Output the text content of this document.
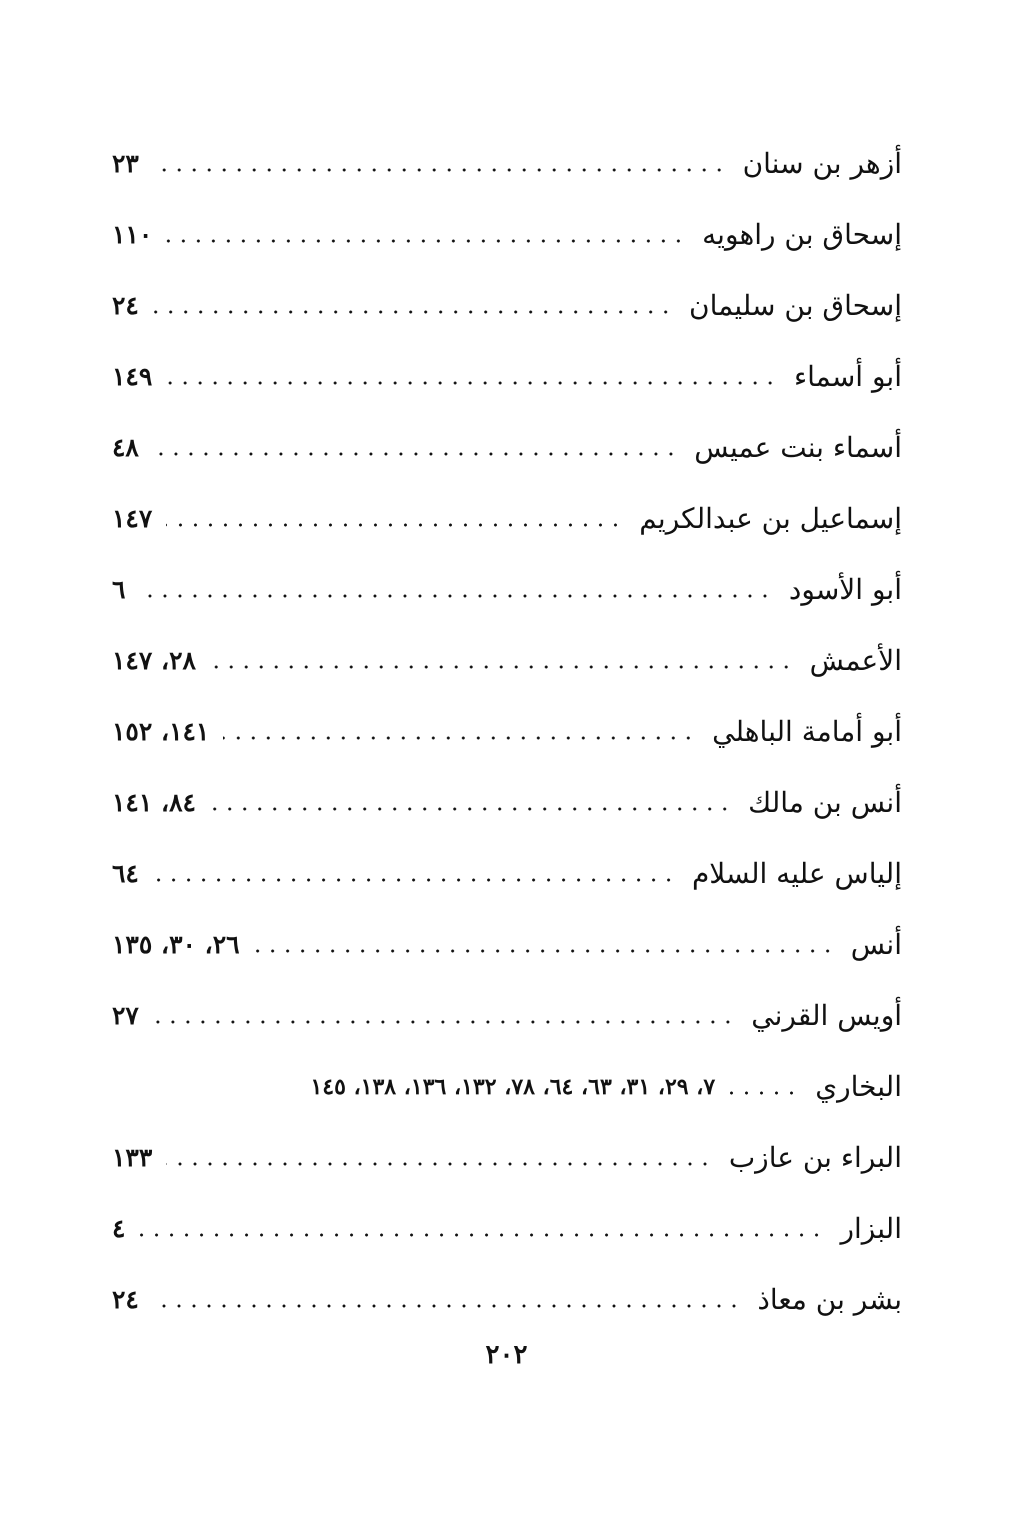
أزهر بن سنان
٢٣
إسحاق بن راهويه
١١٠
إسحاق بن سليمان
٢٤
أبو أسماء
١٤٩
أسماء بنت عميس
٤٨
إسماعيل بن عبدالكريم
١٤٧
أبو الأسود
٦
الأعمش
٢٨، ١٤٧
أبو أمامة الباهلي
١٤١، ١٥٢
أنس بن مالك
٨٤، ١٤١
إلياس عليه السلام
٦٤
أنس
٢٦، ٣٠، ١٣٥
أويس القرني
٢٧
البخاري
٧، ٢٩، ٣١، ٦٣، ٦٤، ٧٨، ١٣٢، ١٣٦، ١٣٨، ١٤٥
البراء بن عازب
١٣٣
البزار
٤
بشر بن معاذ
٢٤
٢٠٢
